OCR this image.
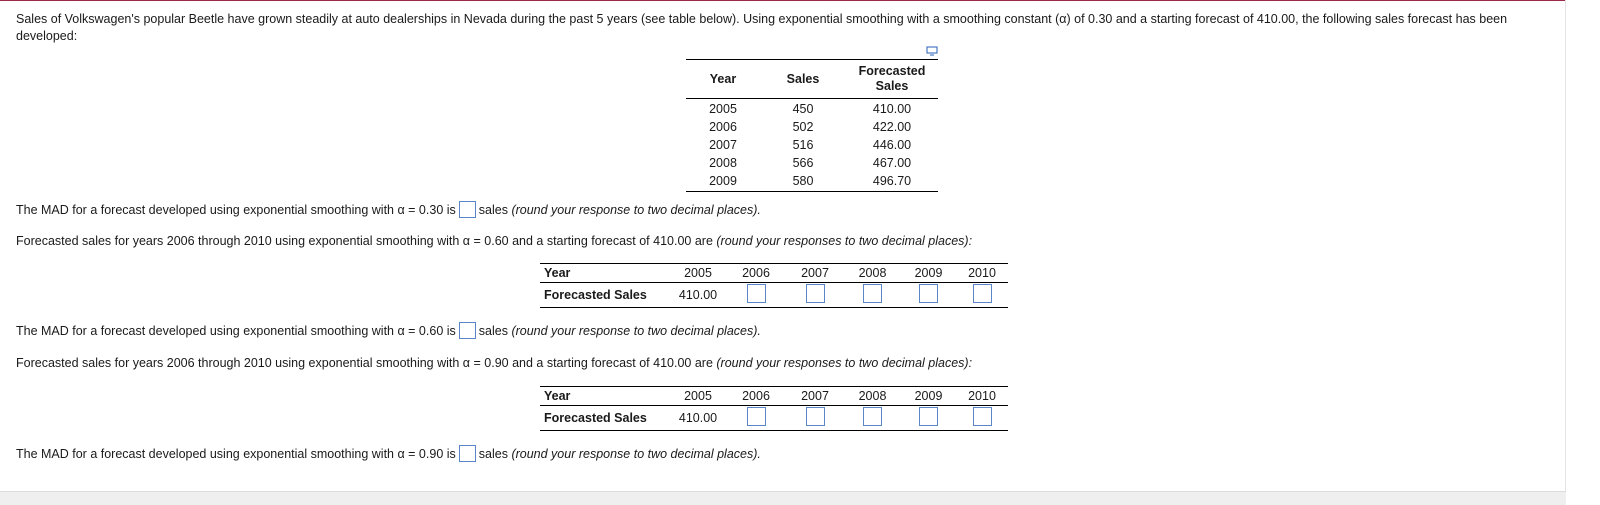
Sales of Volkswagen's popular Beetle have grown steadily at auto dealerships in Nevada during the past 5 years (see table below). Using exponential smoothing with a smoothing constant (α) of 0.30 and a starting forecast of 410.00, the following sales forecast has been developed:
Year	Sales
Forecasted Sales
2005	450	410.00
2006	502	422.00
2007	516	446.00
2008	566	467.00
2009	580	496.70
The MAD for a forecast developed using exponential smoothing with α = 0.30 is sales (round your response to two decimal places).
Forecasted sales for years 2006 through 2010 using exponential smoothing with α = 0.60 and a starting forecast of 410.00 are (round your responses to two decimal places):
Year	2005	2006	2007	2008	2009	2010
Forecasted Sales	410.00
The MAD for a forecast developed using exponential smoothing with α = 0.60 is sales (round your response to two decimal places).
Forecasted sales for years 2006 through 2010 using exponential smoothing with α = 0.90 and a starting forecast of 410.00 are (round your responses to two decimal places):
Year	2005	2006	2007	2008	2009	2010
Forecasted Sales	410.00
The MAD for a forecast developed using exponential smoothing with α = 0.90 is sales (round your response to two decimal places).
